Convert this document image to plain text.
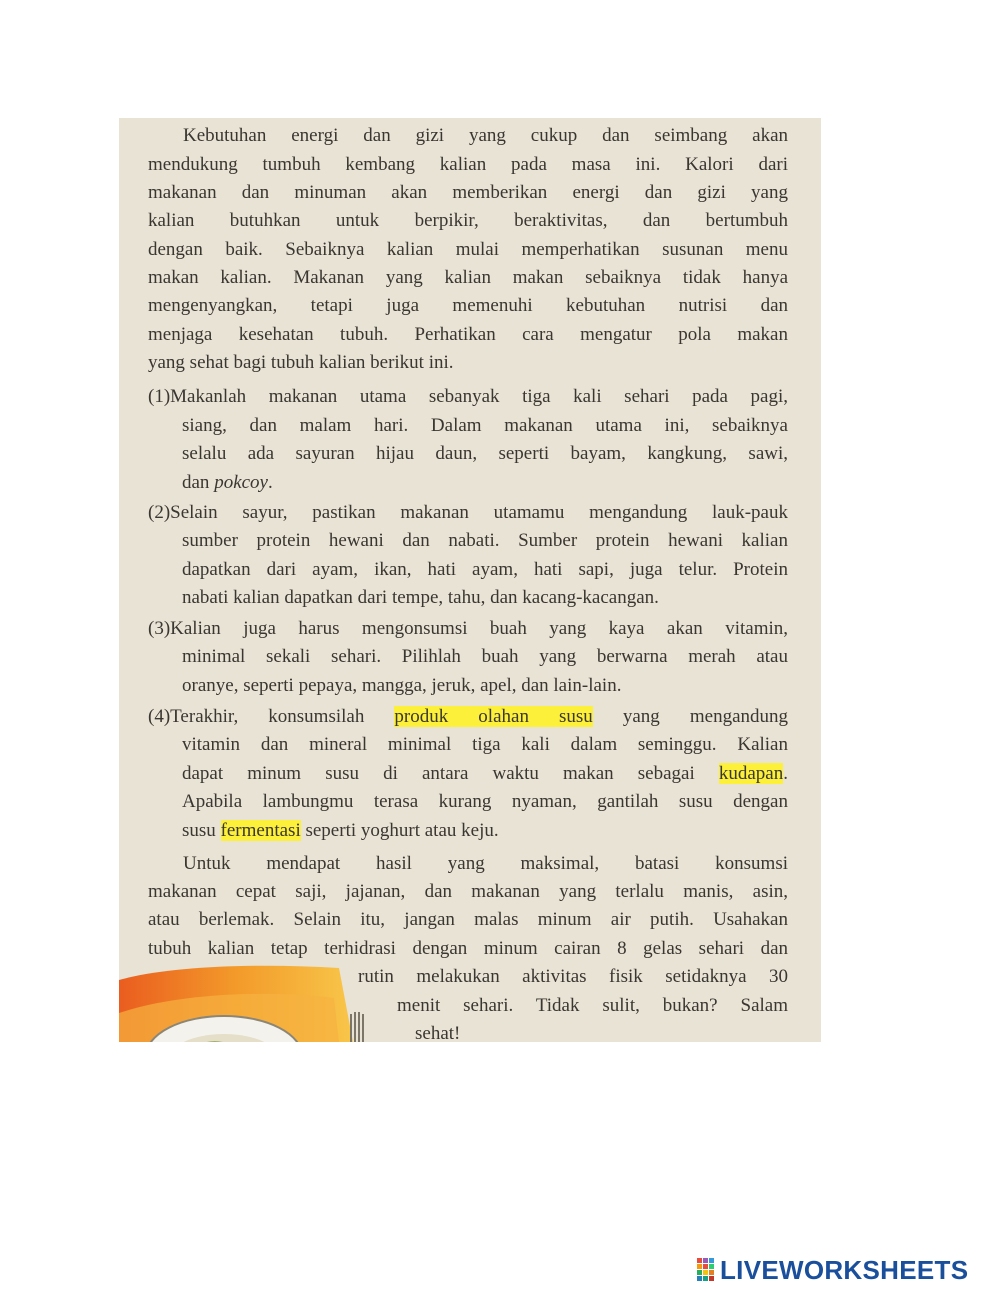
Kebutuhan energi dan gizi yang cukup dan seimbang akan

mendukung tumbuh kembang kalian pada masa ini. Kalori dari

makanan dan minuman akan memberikan energi dan gizi yang

kalian butuhkan untuk berpikir, beraktivitas, dan bertumbuh

dengan baik. Sebaiknya kalian mulai memperhatikan susunan menu

makan kalian. Makanan yang kalian makan sebaiknya tidak hanya

mengenyangkan, tetapi juga memenuhi kebutuhan nutrisi dan

menjaga kesehatan tubuh. Perhatikan cara mengatur pola makan

yang sehat bagi tubuh kalian berikut ini.

(1)Makanlah makanan utama sebanyak tiga kali sehari pada pagi,

siang, dan malam hari. Dalam makanan utama ini, sebaiknya

selalu ada sayuran hijau daun, seperti bayam, kangkung, sawi,

dan pokcoy.

(2)Selain sayur, pastikan makanan utamamu mengandung lauk-pauk

sumber protein hewani dan nabati. Sumber protein hewani kalian

dapatkan dari ayam, ikan, hati ayam, hati sapi, juga telur. Protein

nabati kalian dapatkan dari tempe, tahu, dan kacang-kacangan.

(3)Kalian juga harus mengonsumsi buah yang kaya akan vitamin,

minimal sekali sehari. Pilihlah buah yang berwarna merah atau

oranye, seperti pepaya, mangga, jeruk, apel, dan lain-lain.

(4)Terakhir, konsumsilah produk olahan susu yang mengandung

vitamin dan mineral minimal tiga kali dalam seminggu. Kalian

dapat minum susu di antara waktu makan sebagai kudapan.

Apabila lambungmu terasa kurang nyaman, gantilah susu dengan

susu fermentasi seperti yoghurt atau keju.

Untuk mendapat hasil yang maksimal, batasi konsumsi

makanan cepat saji, jajanan, dan makanan yang terlalu manis, asin,

atau berlemak. Selain itu, jangan malas minum air putih. Usahakan

tubuh kalian tetap terhidrasi dengan minum cairan 8 gelas sehari dan

rutin melakukan aktivitas fisik setidaknya 30

menit sehari. Tidak sulit, bukan? Salam

sehat!

LIVEWORKSHEETS
